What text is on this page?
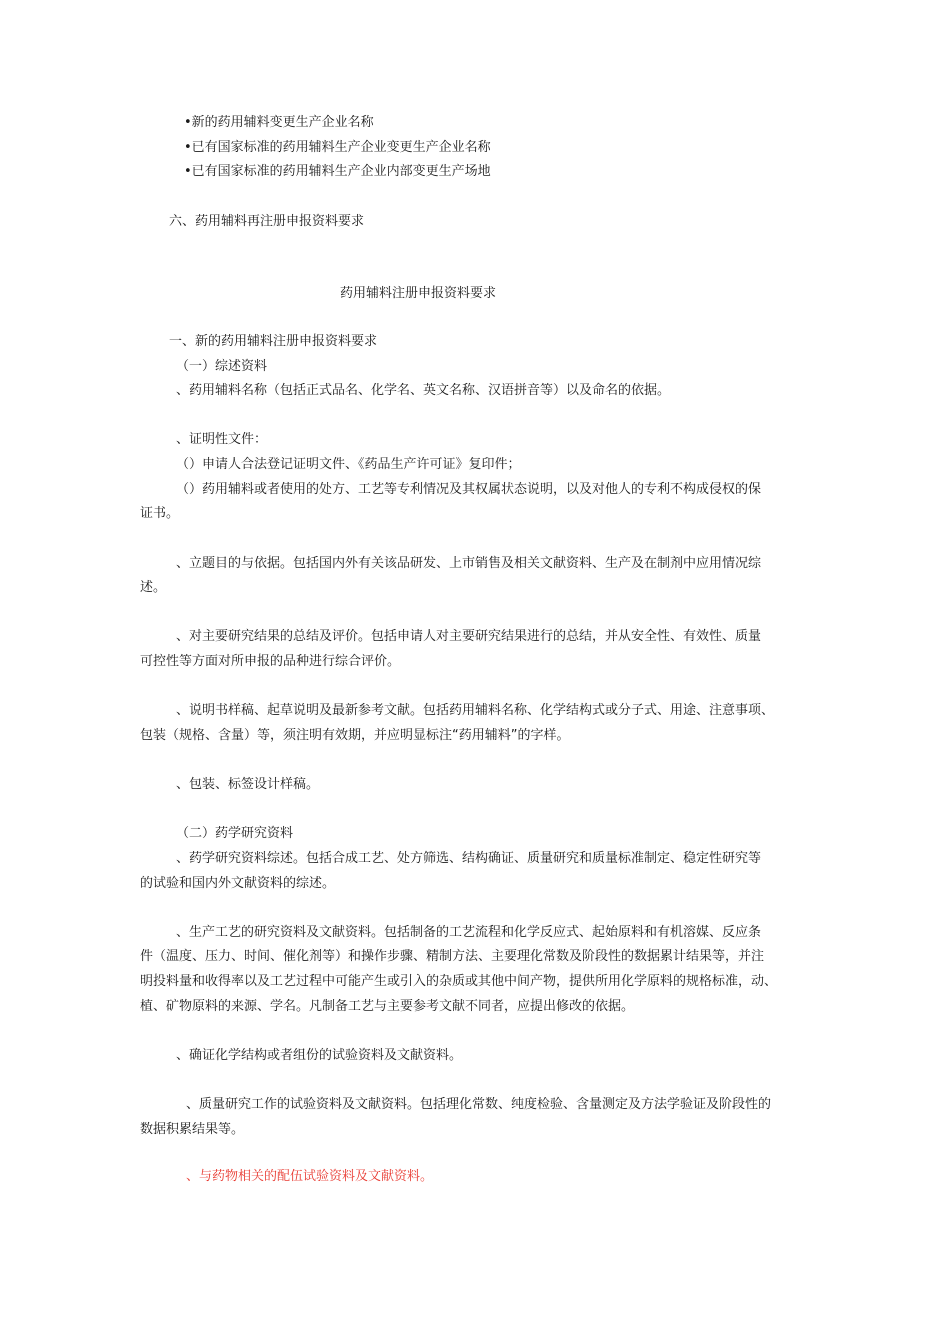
•新的药用辅料变更生产企业名称
•已有国家标准的药用辅料生产企业变更生产企业名称
•已有国家标准的药用辅料生产企业内部变更生产场地
六、药用辅料再注册申报资料要求
药用辅料注册申报资料要求
一、新的药用辅料注册申报资料要求
（一）综述资料
、药用辅料名称（包括正式品名、化学名、英文名称、汉语拼音等）以及命名的依据。
、证明性文件：
（）申请人合法登记证明文件、《药品生产许可证》复印件；
（）药用辅料或者使用的处方、工艺等专利情况及其权属状态说明，以及对他人的专利不构成侵权的保
证书。
、立题目的与依据。包括国内外有关该品研发、上市销售及相关文献资料、生产及在制剂中应用情况综
述。
、对主要研究结果的总结及评价。包括申请人对主要研究结果进行的总结，并从安全性、有效性、质量
可控性等方面对所申报的品种进行综合评价。
、说明书样稿、起草说明及最新参考文献。包括药用辅料名称、化学结构式或分子式、用途、注意事项、
包装（规格、含量）等，须注明有效期，并应明显标注“药用辅料”的字样。
、包装、标签设计样稿。
（二）药学研究资料
、药学研究资料综述。包括合成工艺、处方筛选、结构确证、质量研究和质量标准制定、稳定性研究等
的试验和国内外文献资料的综述。
、生产工艺的研究资料及文献资料。包括制备的工艺流程和化学反应式、起始原料和有机溶媒、反应条
件（温度、压力、时间、催化剂等）和操作步骤、精制方法、主要理化常数及阶段性的数据累计结果等，并注
明投料量和收得率以及工艺过程中可能产生或引入的杂质或其他中间产物，提供所用化学原料的规格标准，动、
植、矿物原料的来源、学名。凡制备工艺与主要参考文献不同者，应提出修改的依据。
、确证化学结构或者组份的试验资料及文献资料。
、质量研究工作的试验资料及文献资料。包括理化常数、纯度检验、含量测定及方法学验证及阶段性的
数据积累结果等。
、与药物相关的配伍试验资料及文献资料。
